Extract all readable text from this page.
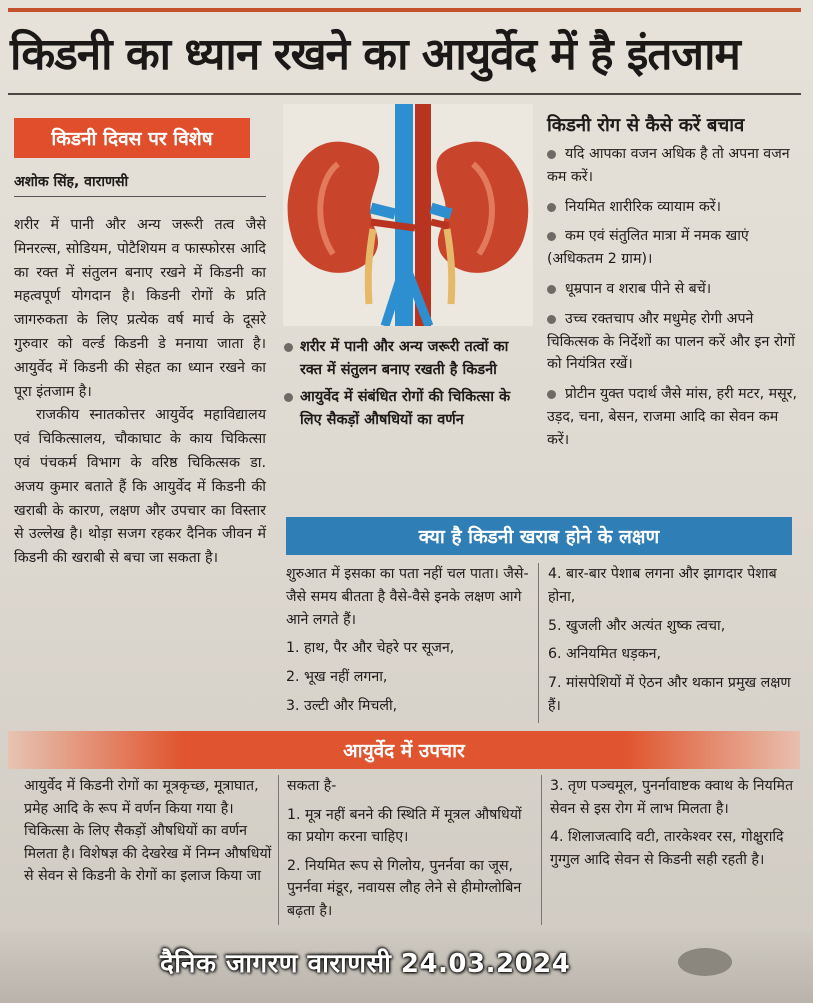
किडनी का ध्यान रखने का आयुर्वेद में है इंतजाम
किडनी दिवस पर विशेष
अशोक सिंह, वाराणसी

शरीर में पानी और अन्य जरूरी तत्व जैसे मिनरल्स, सोडियम, पोटैशियम व फास्फोरस आदि का रक्त में संतुलन बनाए रखने में किडनी का महत्वपूर्ण योगदान है। किडनी रोगों के प्रति जागरुकता के लिए प्रत्येक वर्ष मार्च के दूसरे गुरुवार को वर्ल्ड किडनी डे मनाया जाता है। आयुर्वेद में किडनी की सेहत का ध्यान रखने का पूरा इंतजाम है।

राजकीय स्नातकोत्तर आयुर्वेद महाविद्यालय एवं चिकित्सालय, चौकाघाट के काय चिकित्सा एवं पंचकर्म विभाग के वरिष्ठ चिकित्सक डा. अजय कुमार बताते हैं कि आयुर्वेद में किडनी की खराबी के कारण, लक्षण और उपचार का विस्तार से उल्लेख है। थोड़ा सजग रहकर दैनिक जीवन में किडनी की खराबी से बचा जा सकता है।

शरीर में पानी और अन्य जरूरी तत्वों का रक्त में संतुलन बनाए रखती है किडनी
आयुर्वेद में संबंधित रोगों की चिकित्सा के लिए सैकड़ों औषधियों का वर्णन
किडनी रोग से कैसे करें बचाव
यदि आपका वजन अधिक है तो अपना वजन कम करें।
नियमित शारीरिक व्यायाम करें।
कम एवं संतुलित मात्रा में नमक खाएं (अधिकतम 2 ग्राम)।
धूम्रपान व शराब पीने से बचें।
उच्च रक्तचाप और मधुमेह रोगी अपने चिकित्सक के निर्देशों का पालन करें और इन रोगों को नियंत्रित रखें।
प्रोटीन युक्त पदार्थ जैसे मांस, हरी मटर, मसूर, उड़द, चना, बेसन, राजमा आदि का सेवन कम करें।
क्या है किडनी खराब होने के लक्षण
शुरुआत में इसका का पता नहीं चल पाता। जैसे-जैसे समय बीतता है वैसे-वैसे इनके लक्षण आगे आने लगते हैं।
1. हाथ, पैर और चेहरे पर सूजन,
2. भूख नहीं लगना,
3. उल्टी और मिचली,
4. बार-बार पेशाब लगना और झागदार पेशाब होना,
5. खुजली और अत्यंत शुष्क त्वचा,
6. अनियमित धड़कन,
7. मांसपेशियों में ऐठन और थकान प्रमुख लक्षण हैं।
आयुर्वेद में उपचार
आयुर्वेद में किडनी रोगों का मूत्रकृच्छ, मूत्राघात, प्रमेह आदि के रूप में वर्णन किया गया है। चिकित्सा के लिए सैकड़ों औषधियों का वर्णन मिलता है। विशेषज्ञ की देखरेख में निम्न औषधियों से सेवन से किडनी के रोगों का इलाज किया जा
सकता है-
1. मूत्र नहीं बनने की स्थिति में मूत्रल औषधियों का प्रयोग करना चाहिए।
2. नियमित रूप से गिलोय, पुनर्नवा का जूस, पुनर्नवा मंडूर, नवायस लौह लेने से हीमोग्लोबिन बढ़ता है।
3. तृण पञ्चमूल, पुनर्नावाष्टक क्वाथ के नियमित सेवन से इस रोग में लाभ मिलता है।
4. शिलाजत्वादि वटी, तारकेश्वर रस, गोक्षुरादि गुग्गुल आदि सेवन से किडनी सही रहती है।
दैनिक जागरण वाराणसी 24.03.2024
